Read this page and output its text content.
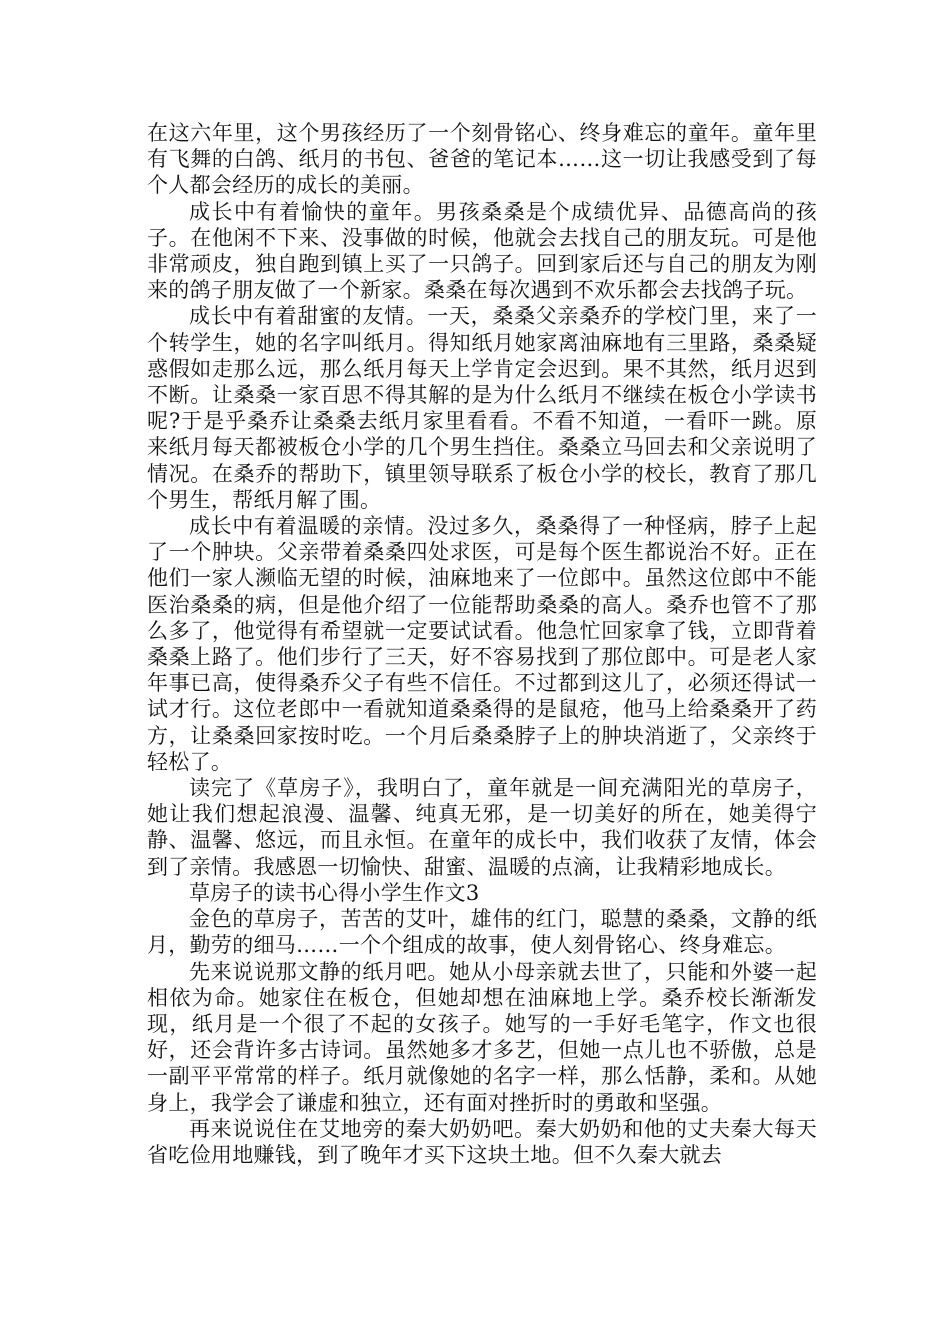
在这六年里，这个男孩经历了一个刻骨铭心、终身难忘的童年。童年里有飞舞的白鸽、纸月的书包、爸爸的笔记本……这一切让我感受到了每个人都会经历的成长的美丽。

成长中有着愉快的童年。男孩桑桑是个成绩优异、品德高尚的孩子。在他闲不下来、没事做的时候，他就会去找自己的朋友玩。可是他非常顽皮，独自跑到镇上买了一只鸽子。回到家后还与自己的朋友为刚来的鸽子朋友做了一个新家。桑桑在每次遇到不欢乐都会去找鸽子玩。

成长中有着甜蜜的友情。一天，桑桑父亲桑乔的学校门里，来了一个转学生，她的名字叫纸月。得知纸月她家离油麻地有三里路，桑桑疑惑假如走那么远，那么纸月每天上学肯定会迟到。果不其然，纸月迟到不断。让桑桑一家百思不得其解的是为什么纸月不继续在板仓小学读书呢?于是乎桑乔让桑桑去纸月家里看看。不看不知道，一看吓一跳。原来纸月每天都被板仓小学的几个男生挡住。桑桑立马回去和父亲说明了情况。在桑乔的帮助下，镇里领导联系了板仓小学的校长，教育了那几个男生，帮纸月解了围。

成长中有着温暖的亲情。没过多久，桑桑得了一种怪病，脖子上起了一个肿块。父亲带着桑桑四处求医，可是每个医生都说治不好。正在他们一家人濒临无望的时候，油麻地来了一位郎中。虽然这位郎中不能医治桑桑的病，但是他介绍了一位能帮助桑桑的高人。桑乔也管不了那么多了，他觉得有希望就一定要试试看。他急忙回家拿了钱，立即背着桑桑上路了。他们步行了三天，好不容易找到了那位郎中。可是老人家年事已高，使得桑乔父子有些不信任。不过都到这儿了，必须还得试一试才行。这位老郎中一看就知道桑桑得的是鼠疮，他马上给桑桑开了药方，让桑桑回家按时吃。一个月后桑桑脖子上的肿块消逝了，父亲终于轻松了。

读完了《草房子》，我明白了，童年就是一间充满阳光的草房子，她让我们想起浪漫、温馨、纯真无邪，是一切美好的所在，她美得宁静、温馨、悠远，而且永恒。在童年的成长中，我们收获了友情，体会到了亲情。我感恩一切愉快、甜蜜、温暖的点滴，让我精彩地成长。

草房子的读书心得小学生作文3

金色的草房子，苦苦的艾叶，雄伟的红门，聪慧的桑桑，文静的纸月，勤劳的细马……一个个组成的故事，使人刻骨铭心、终身难忘。

先来说说那文静的纸月吧。她从小母亲就去世了，只能和外婆一起相依为命。她家住在板仓，但她却想在油麻地上学。桑乔校长渐渐发现，纸月是一个很了不起的女孩子。她写的一手好毛笔字，作文也很好，还会背许多古诗词。虽然她多才多艺，但她一点儿也不骄傲，总是一副平平常常的样子。纸月就像她的名字一样，那么恬静，柔和。从她身上，我学会了谦虚和独立，还有面对挫折时的勇敢和坚强。

再来说说住在艾地旁的秦大奶奶吧。秦大奶奶和他的丈夫秦大每天省吃俭用地赚钱，到了晚年才买下这块土地。但不久秦大就去
